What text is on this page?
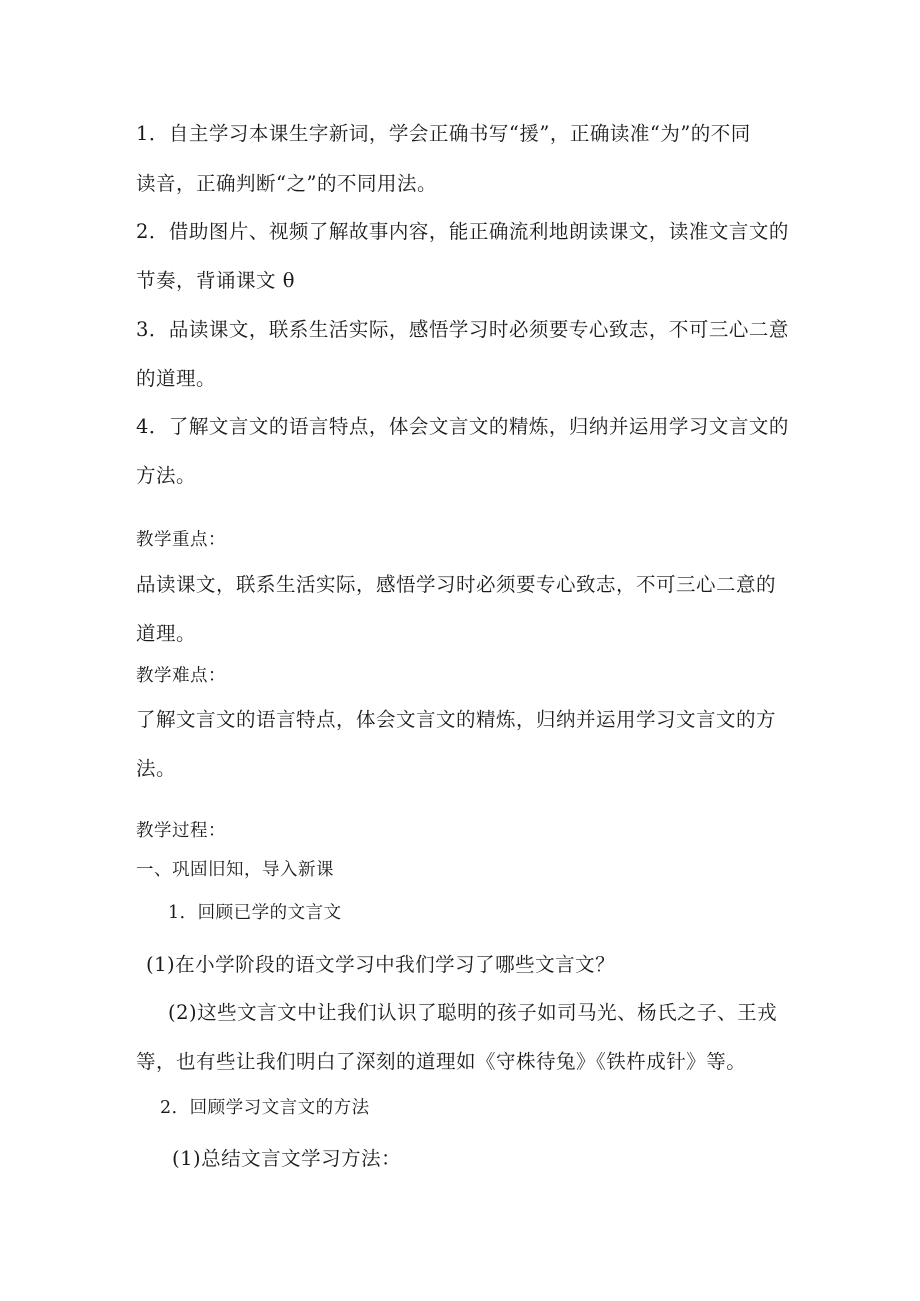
1．自主学习本课生字新词，学会正确书写“援”，正确读准“为”的不同
读音，正确判断“之”的不同用法。
2．借助图片、视频了解故事内容，能正确流利地朗读课文，读准文言文的
节奏，背诵课文 θ
3．品读课文，联系生活实际，感悟学习时必须要专心致志，不可三心二意
的道理。
4．了解文言文的语言特点，体会文言文的精炼，归纳并运用学习文言文的
方法。
教学重点：
品读课文，联系生活实际，感悟学习时必须要专心致志，不可三心二意的
道理。
教学难点：
了解文言文的语言特点，体会文言文的精炼，归纳并运用学习文言文的方
法。
教学过程：
一、巩固旧知，导入新课
1．回顾已学的文言文
(1)在小学阶段的语文学习中我们学习了哪些文言文？
(2)这些文言文中让我们认识了聪明的孩子如司马光、杨氏之子、王戎
等，也有些让我们明白了深刻的道理如《守株待兔》《铁杵成针》等。
2．回顾学习文言文的方法
(1)总结文言文学习方法：
